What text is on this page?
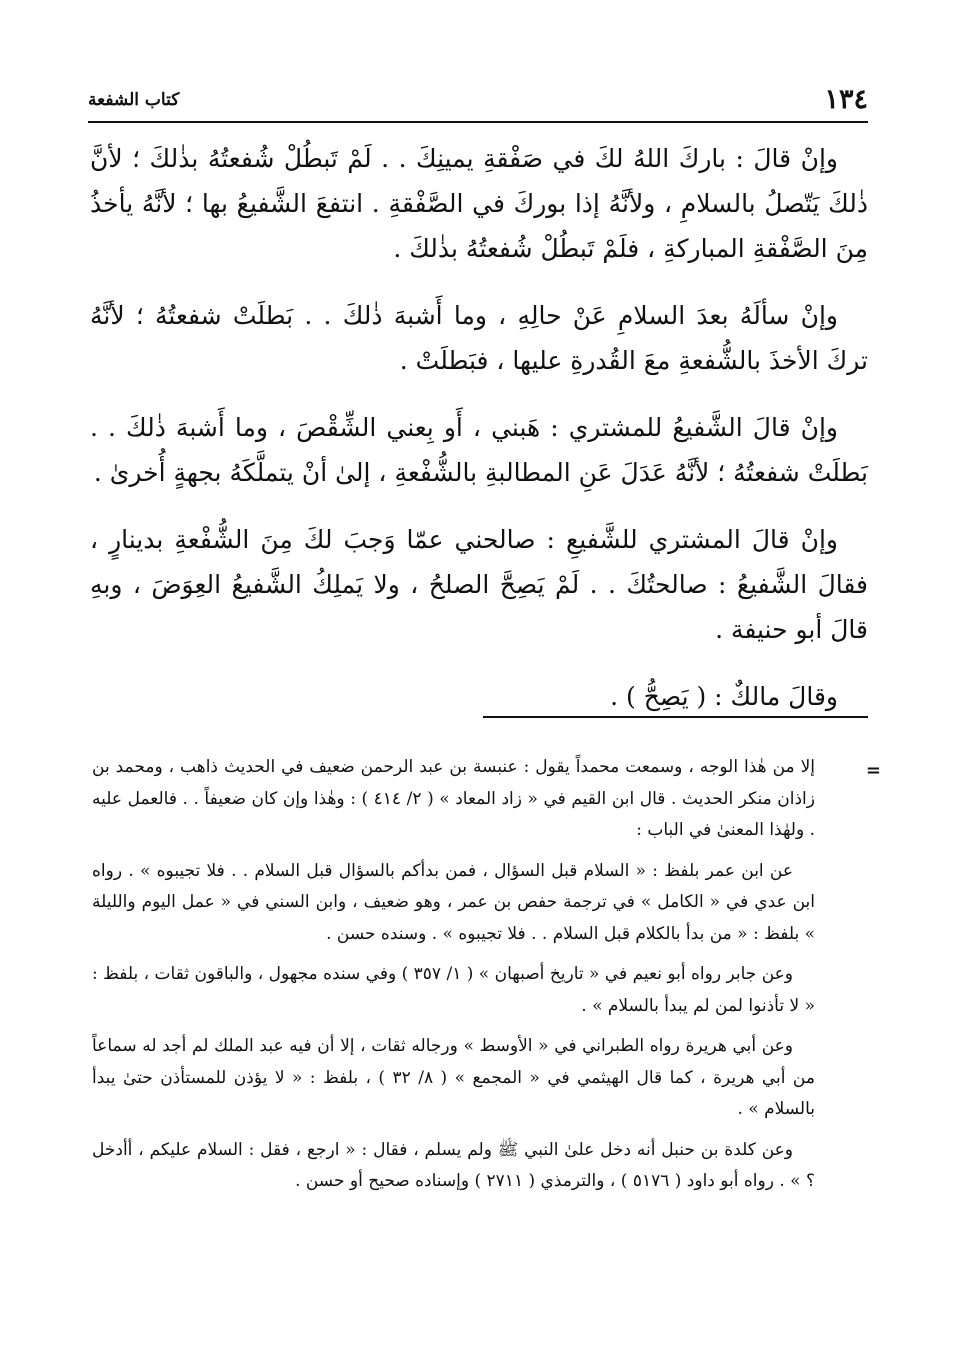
١٣٤
كتاب الشفعة

وإنْ قالَ : باركَ اللهُ لكَ في صَفْقةِ يمينِكَ . . لَمْ تَبطُلْ شُفعتُهُ بذٰلكَ ؛ لأنَّ ذٰلكَ يَتّصلُ بالسلامِ ، ولأنَّهُ إذا بوركَ في الصَّفْقةِ . انتفعَ الشَّفيعُ بها ؛ لأنَّهُ يأخذُ مِنَ الصَّفْقةِ المباركةِ ، فلَمْ تَبطُلْ شُفعتُهُ بذٰلكَ .

وإنْ سألَهُ بعدَ السلامِ عَنْ حالِهِ ، وما أَشبهَ ذٰلكَ . . بَطلَتْ شفعتُهُ ؛ لأنَّهُ تركَ الأخذَ بالشُّفعةِ معَ القُدرةِ عليها ، فبَطلَتْ .

وإنْ قالَ الشَّفيعُ للمشتري : هَبني ، أَو بِعني الشِّقْصَ ، وما أَشبهَ ذٰلكَ . . بَطلَتْ شفعتُهُ ؛ لأنَّهُ عَدَلَ عَنِ المطالبةِ بالشُّفْعةِ ، إلىٰ أنْ يتملَّكَهُ بجهةٍ أُخرىٰ .

وإنْ قالَ المشتري للشَّفيعِ : صالحني عمّا وَجبَ لكَ مِنَ الشُّفْعةِ بدينارٍ ، فقالَ الشَّفيعُ : صالحتُكَ . . لَمْ يَصِحَّ الصلحُ ، ولا يَملِكُ الشَّفيعُ العِوَضَ ، وبهِ قالَ أبو حنيفة .

وقالَ مالكٌ : ( يَصِحُّ ) .

=

إلا من هٰذا الوجه ، وسمعت محمداً يقول : عنبسة بن عبد الرحمن ضعيف في الحديث ذاهب ، ومحمد بن زاذان منكر الحديث . قال ابن القيم في « زاد المعاد » ( ٢/ ٤١٤ ) : وهٰذا وإن كان ضعيفاً . . فالعمل عليه . ولهٰذا المعنىٰ في الباب :

عن ابن عمر بلفظ : « السلام قبل السؤال ، فمن بدأكم بالسؤال قبل السلام . . فلا تجيبوه » . رواه ابن عدي في « الكامل » في ترجمة حفص بن عمر ، وهو ضعيف ، وابن السني في « عمل اليوم والليلة » بلفظ : « من بدأ بالكلام قبل السلام . . فلا تجيبوه » . وسنده حسن .

وعن جابر رواه أبو نعيم في « تاريخ أصبهان » ( ١/ ٣٥٧ ) وفي سنده مجهول ، والباقون ثقات ، بلفظ : « لا تأذنوا لمن لم يبدأ بالسلام » .

وعن أبي هريرة رواه الطبراني في « الأوسط » ورجاله ثقات ، إلا أن فيه عبد الملك لم أجد له سماعاً من أبي هريرة ، كما قال الهيثمي في « المجمع » ( ٨/ ٣٢ ) ، بلفظ : « لا يؤذن للمستأذن حتىٰ يبدأ بالسلام » .

وعن كلدة بن حنبل أنه دخل علىٰ النبي ﷺ ولم يسلم ، فقال : « ارجع ، فقل : السلام عليكم ، أأدخل ؟ » . رواه أبو داود ( ٥١٧٦ ) ، والترمذي ( ٢٧١١ ) وإسناده صحيح أو حسن .
